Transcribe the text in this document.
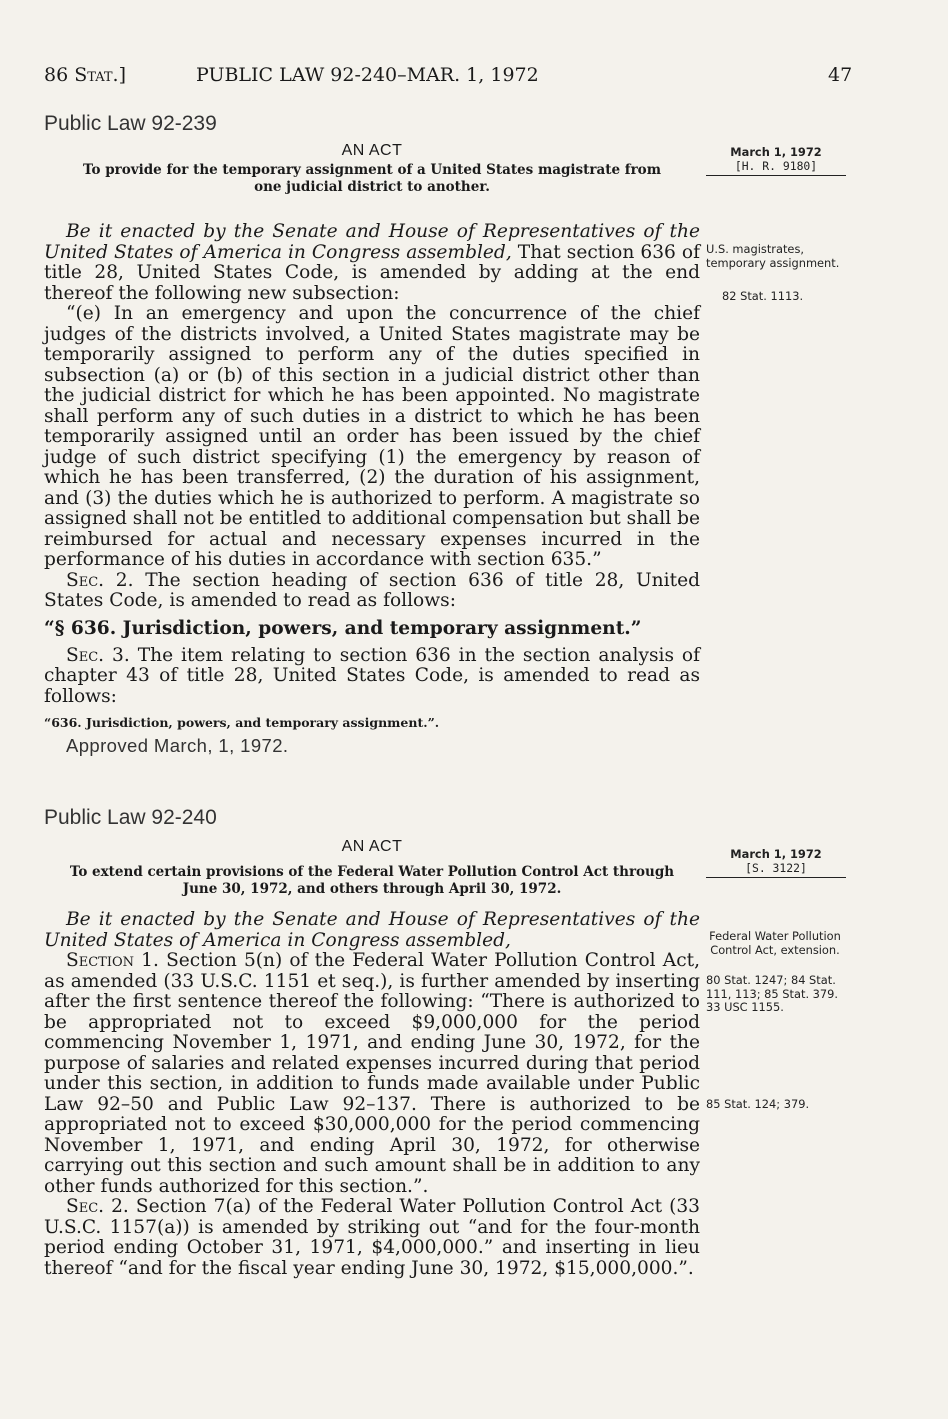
86 Stat.]	PUBLIC LAW 92-240–MAR. 1, 1972	47
Public Law 92-239
AN ACT
To provide for the temporary assignment of a United States magistrate from
one judicial district to another.
March 1, 1972
[H. R. 9180]

Be it enacted by the Senate and House of Representatives of the United States of America in Congress assembled, That section 636 of title 28, United States Code, is amended by adding at the end thereof the following new subsection:

“(e) In an emergency and upon the concurrence of the chief judges of the districts involved, a United States magistrate may be temporarily assigned to perform any of the duties specified in subsection (a) or (b) of this section in a judicial district other than the judicial district for which he has been appointed. No magistrate shall perform any of such duties in a district to which he has been temporarily assigned until an order has been issued by the chief judge of such district specifying (1) the emergency by reason of which he has been transferred, (2) the duration of his assignment, and (3) the duties which he is authorized to perform. A magistrate so assigned shall not be entitled to additional compensation but shall be reimbursed for actual and necessary expenses incurred in the performance of his duties in accordance with section 635.”

Sec. 2. The section heading of section 636 of title 28, United States Code, is amended to read as follows:

“§ 636. Jurisdiction, powers, and temporary assignment.”

Sec. 3. The item relating to section 636 in the section analysis of chapter 43 of title 28, United States Code, is amended to read as follows:

“636. Jurisdiction, powers, and temporary assignment.”.

Approved March, 1, 1972.

U.S. magistrates, temporary assignment.
82 Stat. 1113.
Public Law 92-240
AN ACT
To extend certain provisions of the Federal Water Pollution Control Act through
June 30, 1972, and others through April 30, 1972.
March 1, 1972
[S. 3122]

Be it enacted by the Senate and House of Representatives of the United States of America in Congress assembled,

Section 1. Section 5(n) of the Federal Water Pollution Control Act, as amended (33 U.S.C. 1151 et seq.), is further amended by inserting after the first sentence thereof the following: “There is authorized to be appropriated not to exceed $9,000,000 for the period commencing November 1, 1971, and ending June 30, 1972, for the purpose of salaries and related expenses incurred during that period under this section, in addition to funds made available under Public Law 92–50 and Public Law 92–137. There is authorized to be appropriated not to exceed $30,000,000 for the period commencing November 1, 1971, and ending April 30, 1972, for otherwise carrying out this section and such amount shall be in addition to any other funds authorized for this section.”.

Sec. 2. Section 7(a) of the Federal Water Pollution Control Act (33 U.S.C. 1157(a)) is amended by striking out “and for the four-month period ending October 31, 1971, $4,000,000.” and inserting in lieu thereof “and for the fiscal year ending June 30, 1972, $15,000,000.”.

Federal Water Pollution Control Act, extension.
80 Stat. 1247; 84 Stat. 111, 113; 85 Stat. 379. 33 USC 1155.
85 Stat. 124; 379.
